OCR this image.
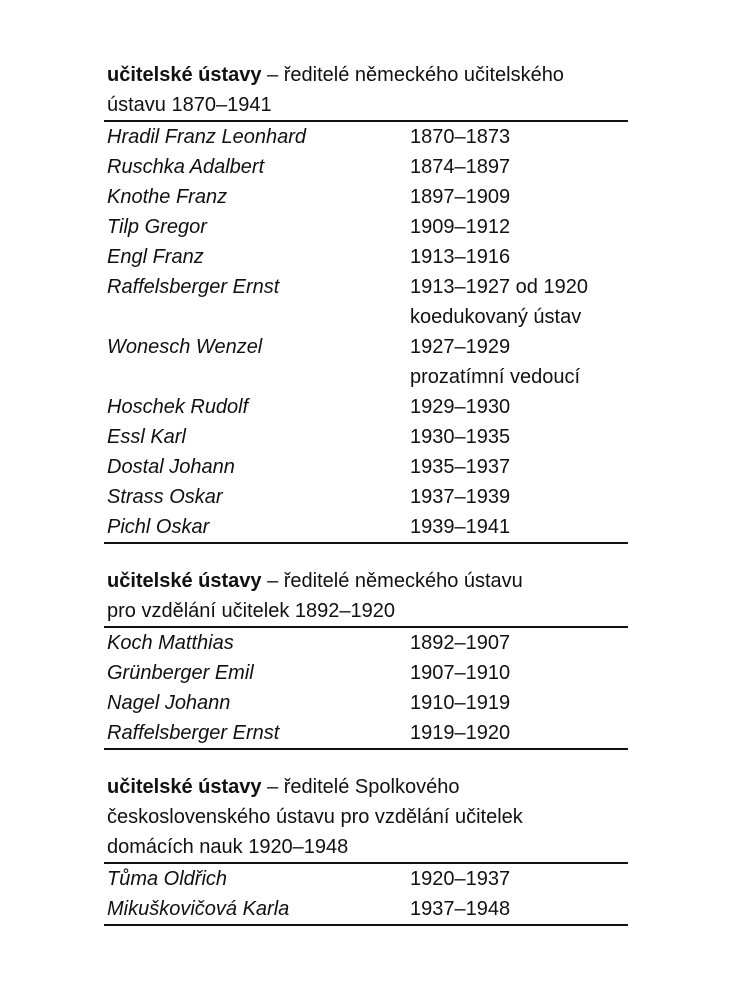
učitelské ústavy – ředitelé německého učitelského
ústavu 1870–1941
Hradil Franz Leonhard	1870–1873
Ruschka Adalbert	1874–1897
Knothe Franz	1897–1909
Tilp Gregor	1909–1912
Engl Franz	1913–1916
Raffelsberger Ernst	1913–1927 od 1920
koedukovaný ústav
Wonesch Wenzel	1927–1929
prozatímní vedoucí
Hoschek Rudolf	1929–1930
Essl Karl	1930–1935
Dostal Johann	1935–1937
Strass Oskar	1937–1939
Pichl Oskar	1939–1941
učitelské ústavy – ředitelé německého ústavu
pro vzdělání učitelek 1892–1920
Koch Matthias	1892–1907
Grünberger Emil	1907–1910
Nagel Johann	1910–1919
Raffelsberger Ernst	1919–1920
učitelské ústavy – ředitelé Spolkového
československého ústavu pro vzdělání učitelek
domácích nauk 1920–1948
Tůma Oldřich	1920–1937
Mikuškovičová Karla	1937–1948
